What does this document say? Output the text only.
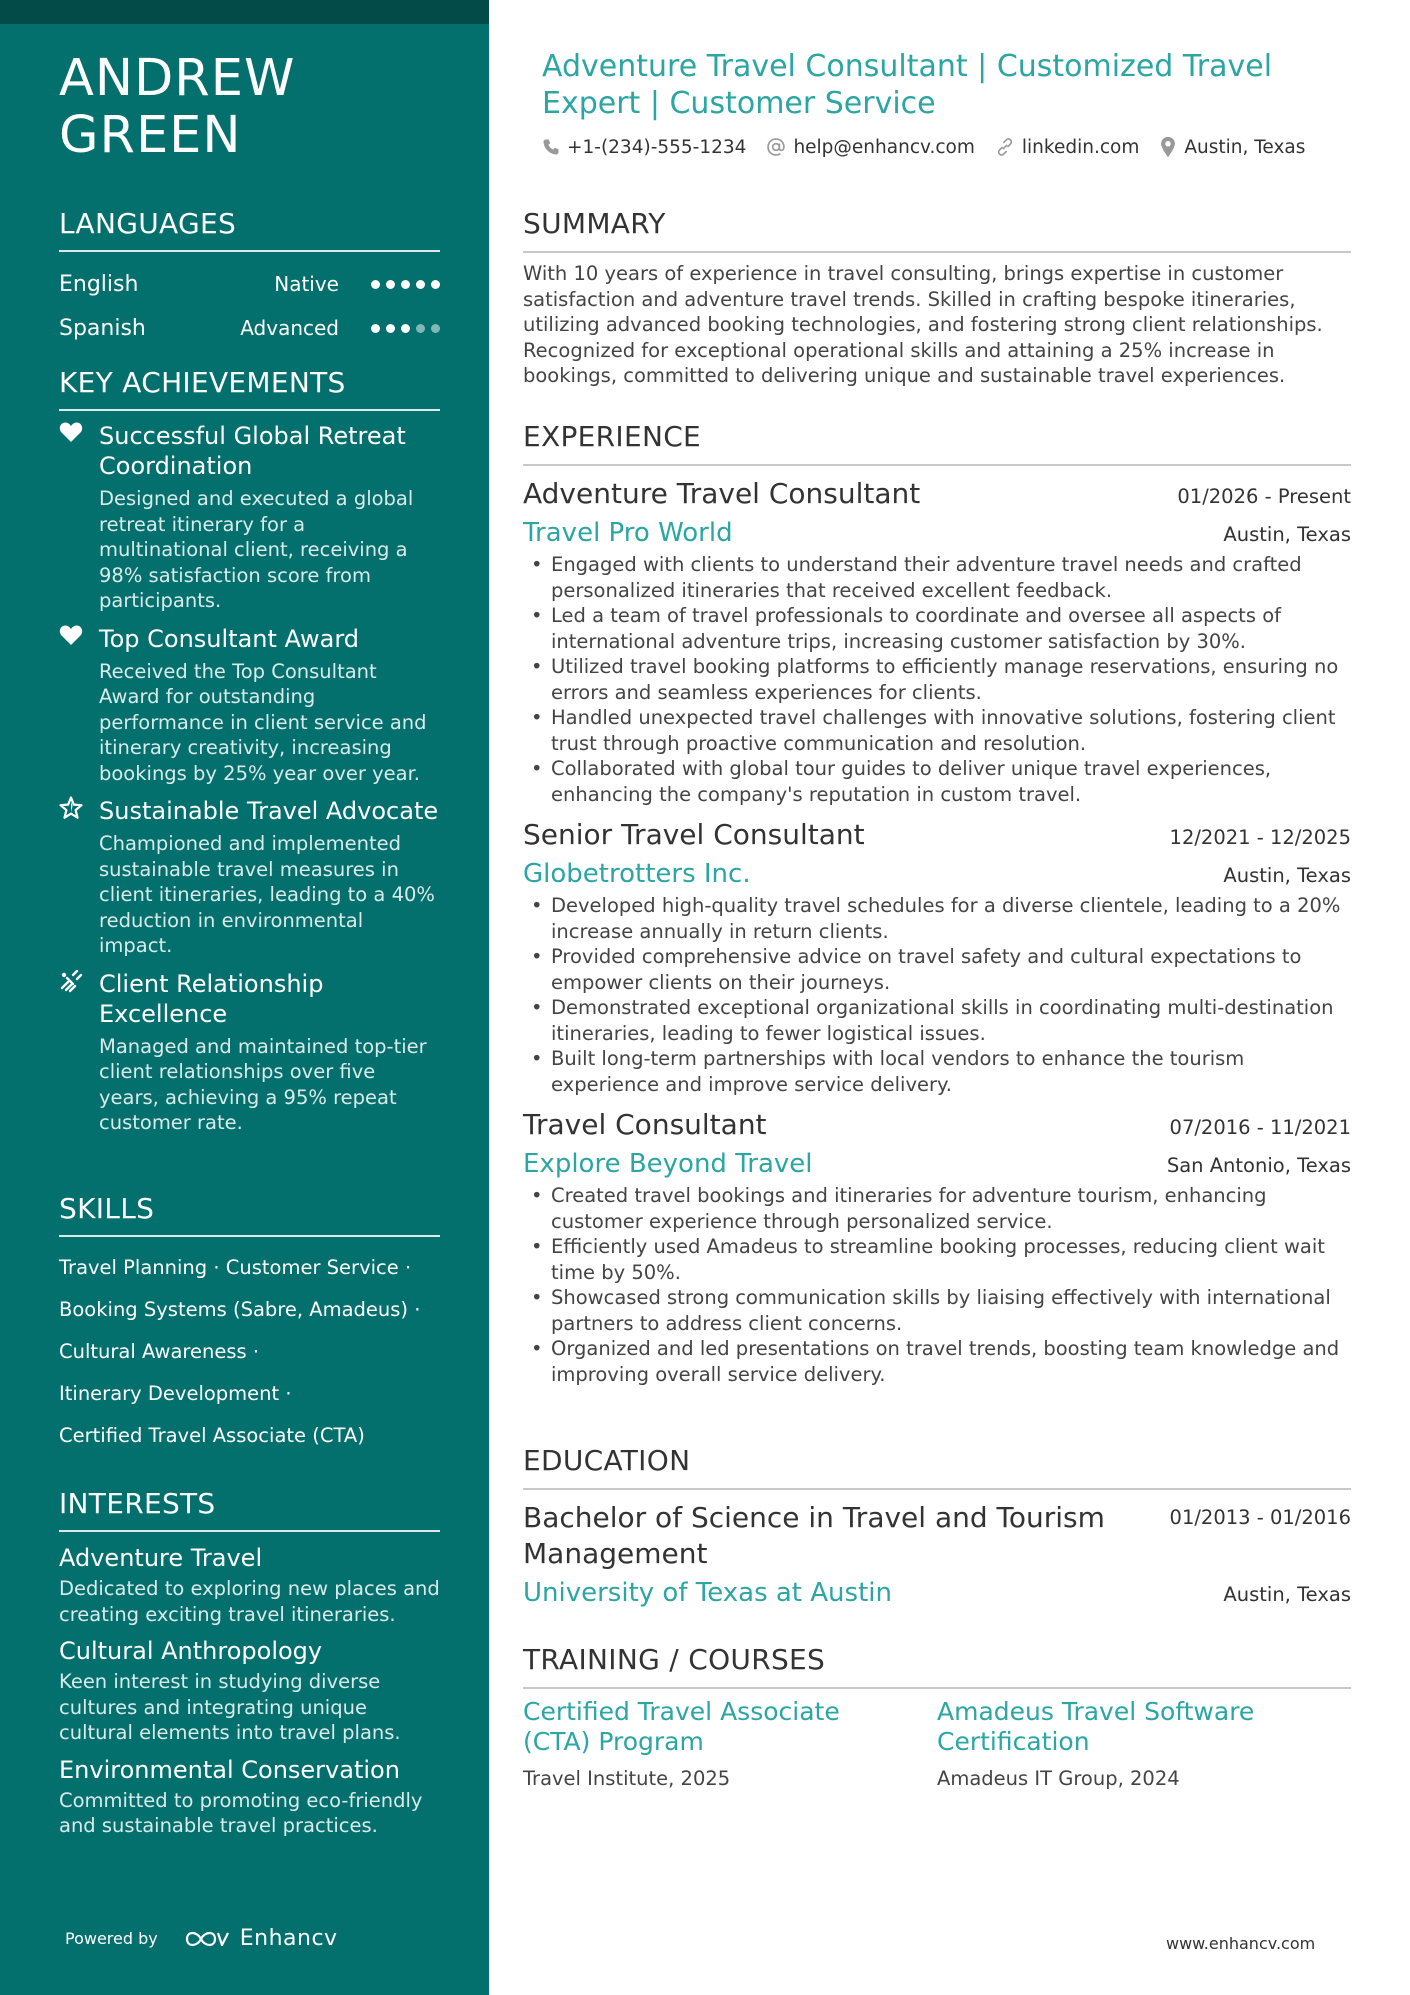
ANDREW GREEN
LANGUAGES
English	Native
Spanish	Advanced
KEY ACHIEVEMENTS
Successful Global Retreat Coordination
Designed and executed a global retreat itinerary for a multinational client, receiving a 98% satisfaction score from participants.
Top Consultant Award
Received the Top Consultant Award for outstanding performance in client service and itinerary creativity, increasing bookings by 25% year over year.
Sustainable Travel Advocate
Championed and implemented sustainable travel measures in client itineraries, leading to a 40% reduction in environmental impact.
Client Relationship Excellence
Managed and maintained top-tier client relationships over five years, achieving a 95% repeat customer rate.
SKILLS
Travel Planning · Customer Service ·
Booking Systems (Sabre, Amadeus) ·
Cultural Awareness ·
Itinerary Development ·
Certified Travel Associate (CTA)
INTERESTS
Adventure Travel
Dedicated to exploring new places and creating exciting travel itineraries.
Cultural Anthropology
Keen interest in studying diverse cultures and integrating unique cultural elements into travel plans.
Environmental Conservation
Committed to promoting eco-friendly and sustainable travel practices.
Powered by	Enhancv
Adventure Travel Consultant | Customized Travel Expert | Customer Service
+1-(234)-555-1234	help@enhancv.com	linkedin.com Austin, Texas
SUMMARY
With 10 years of experience in travel consulting, brings expertise in customer satisfaction and adventure travel trends. Skilled in crafting bespoke itineraries, utilizing advanced booking technologies, and fostering strong client relationships. Recognized for exceptional operational skills and attaining a 25% increase in bookings, committed to delivering unique and sustainable travel experiences.
EXPERIENCE
Adventure Travel Consultant	01/2026 - Present
Travel Pro World	Austin, Texas
• Engaged with clients to understand their adventure travel needs and crafted personalized itineraries that received excellent feedback.
• Led a team of travel professionals to coordinate and oversee all aspects of international adventure trips, increasing customer satisfaction by 30%.
• Utilized travel booking platforms to efficiently manage reservations, ensuring no errors and seamless experiences for clients.
• Handled unexpected travel challenges with innovative solutions, fostering client trust through proactive communication and resolution.
• Collaborated with global tour guides to deliver unique travel experiences, enhancing the company's reputation in custom travel.
Senior Travel Consultant	12/2021 - 12/2025
Globetrotters Inc.	Austin, Texas
• Developed high-quality travel schedules for a diverse clientele, leading to a 20% increase annually in return clients.
• Provided comprehensive advice on travel safety and cultural expectations to empower clients on their journeys.
• Demonstrated exceptional organizational skills in coordinating multi-destination itineraries, leading to fewer logistical issues.
• Built long-term partnerships with local vendors to enhance the tourism experience and improve service delivery.
Travel Consultant	07/2016 - 11/2021
Explore Beyond Travel	San Antonio, Texas
• Created travel bookings and itineraries for adventure tourism, enhancing customer experience through personalized service.
• Efficiently used Amadeus to streamline booking processes, reducing client wait time by 50%.
• Showcased strong communication skills by liaising effectively with international partners to address client concerns.
• Organized and led presentations on travel trends, boosting team knowledge and improving overall service delivery.
EDUCATION
Bachelor of Science in Travel and Tourism Management
01/2013 - 01/2016
University of Texas at Austin	Austin, Texas
TRAINING / COURSES
Certified Travel Associate (CTA) Program
Travel Institute, 2025
Amadeus Travel Software Certification
Amadeus IT Group, 2024
www.enhancv.com
